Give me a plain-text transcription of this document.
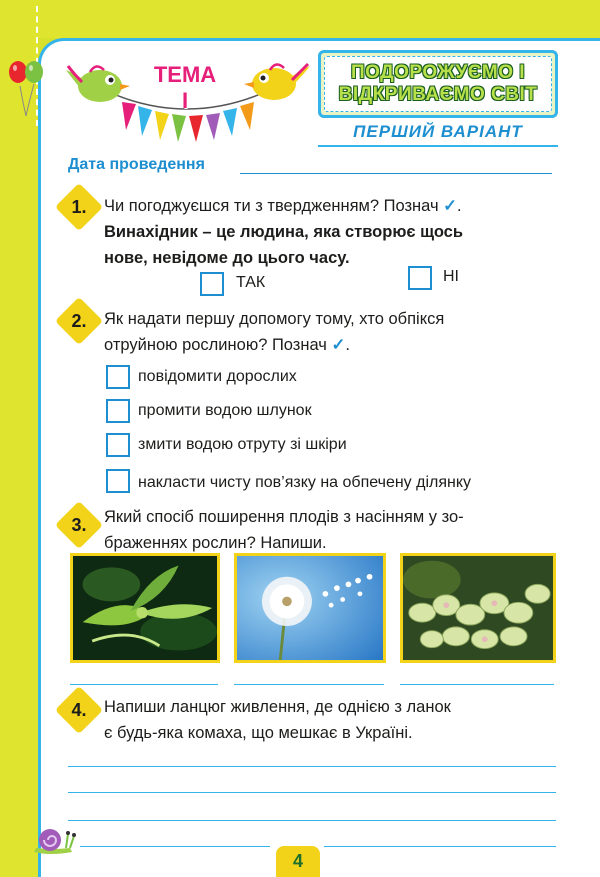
ТЕМА
І
ПОДОРОЖУЄМО І
ВІДКРИВАЄМО СВІТ
ПЕРШИЙ ВАРІАНТ
Дата проведення
1.	Чи погоджуєшся ти з твердженням? Познач ✓.
Винахідник – це людина, яка створює щось
нове, невідоме до цього часу.
ТАК	НІ
2.	Як надати першу допомогу тому, хто обпікся
отруйною рослиною? Познач ✓.
повідомити дорослих
промити водою шлунок
змити водою отруту зі шкіри
накласти чисту пов’язку на обпечену ділянку
3.	Який спосіб поширення плодів з насінням у зо-
браженнях рослин? Напиши.
4.	Напиши ланцюг живлення, де однією з ланок
є будь-яка комаха, що мешкає в Україні.
4
